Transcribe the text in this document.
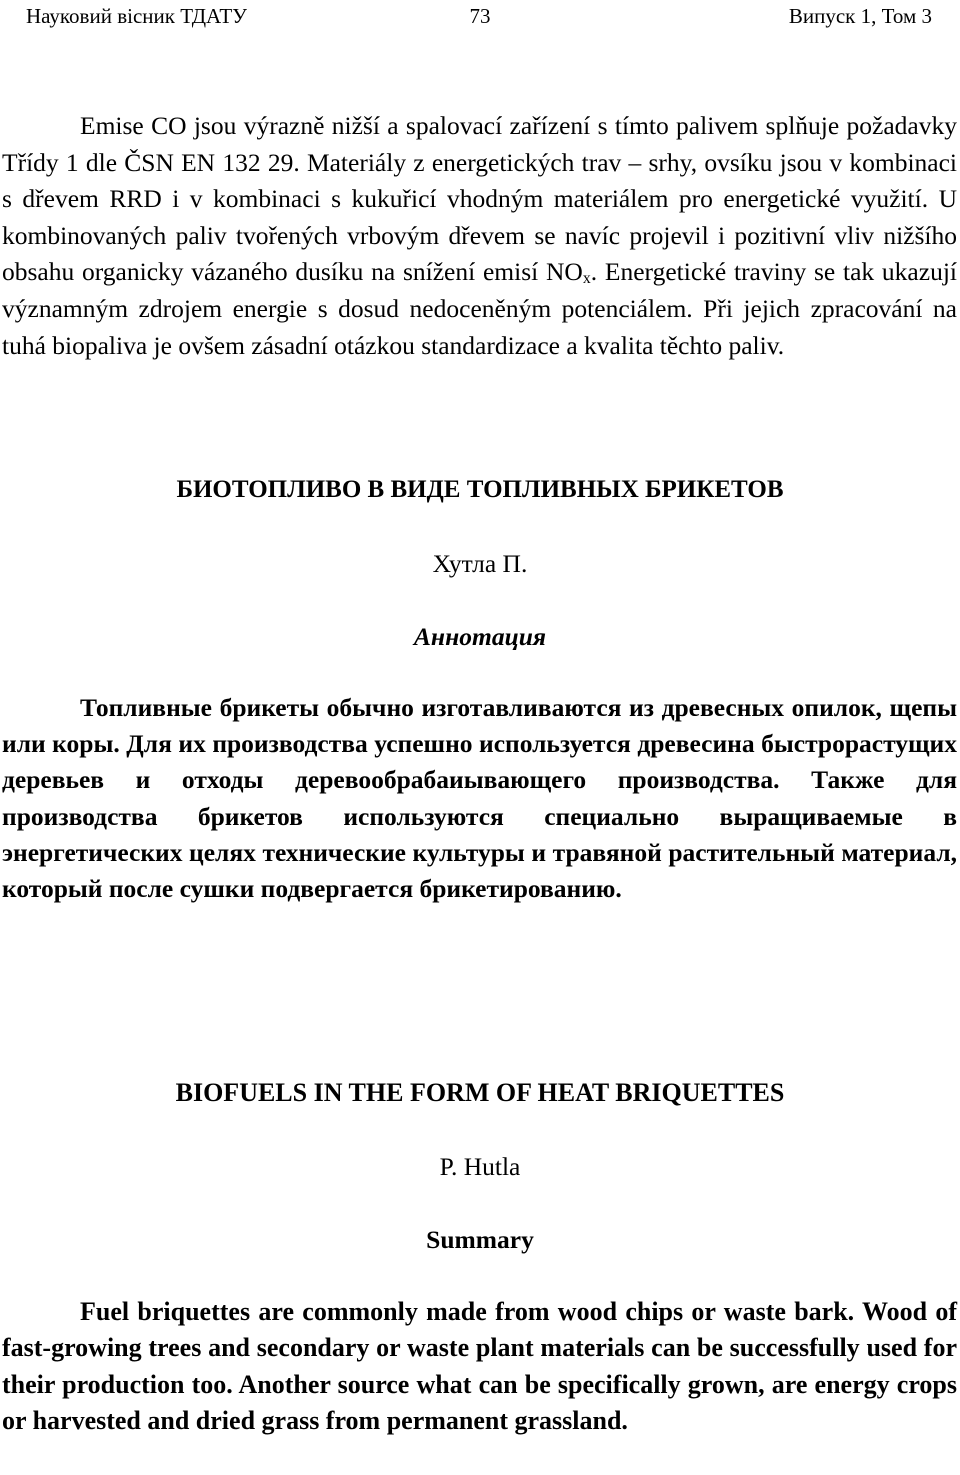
Науковий вісник ТДАТУ	73	Випуск 1, Том 3

Emise CO jsou výrazně nižší a spalovací zařízení s tímto palivem splňuje požadavky Třídy 1 dle ČSN EN 132 29. Materiály z energetických trav – srhy, ovsíku jsou v kombinaci s dřevem RRD i v kombinaci s kukuřicí vhodným materiálem pro energetické využití. U kombinovaných paliv tvořených vrbovým dřevem se navíc projevil i pozitivní vliv nižšího obsahu organicky vázaného dusíku na snížení emisí $NO_x$. Energetické traviny se tak ukazují významným zdrojem energie s dosud nedoceněným potenciálem. Při jejich zpracování na tuhá biopaliva je ovšem zásadní otázkou standardizace a kvalita těchto paliv.

БИОТОПЛИВО В ВИДЕ ТОПЛИВНЫХ БРИКЕТОВ
Хутла П.
Аннотация

Топливные брикеты обычно изготавливаются из древесных опилок, щепы или коры. Для их производства успешно используется древесина быстрорастущих деревьев и отходы деревообрабаиывающего производства. Также для производства брикетов используются специально выращиваемые в энергетических целях технические культуры и травяной растительный материал, который после сушки подвергается брикетированию.

BIOFUELS IN THE FORM OF HEAT BRIQUETTES
P. Hutla
Summary

Fuel briquettes are commonly made from wood chips or waste bark. Wood of fast-growing trees and secondary or waste plant materials can be successfully used for their production too. Another source what can be specifically grown, are energy crops or harvested and dried grass from permanent grassland.
